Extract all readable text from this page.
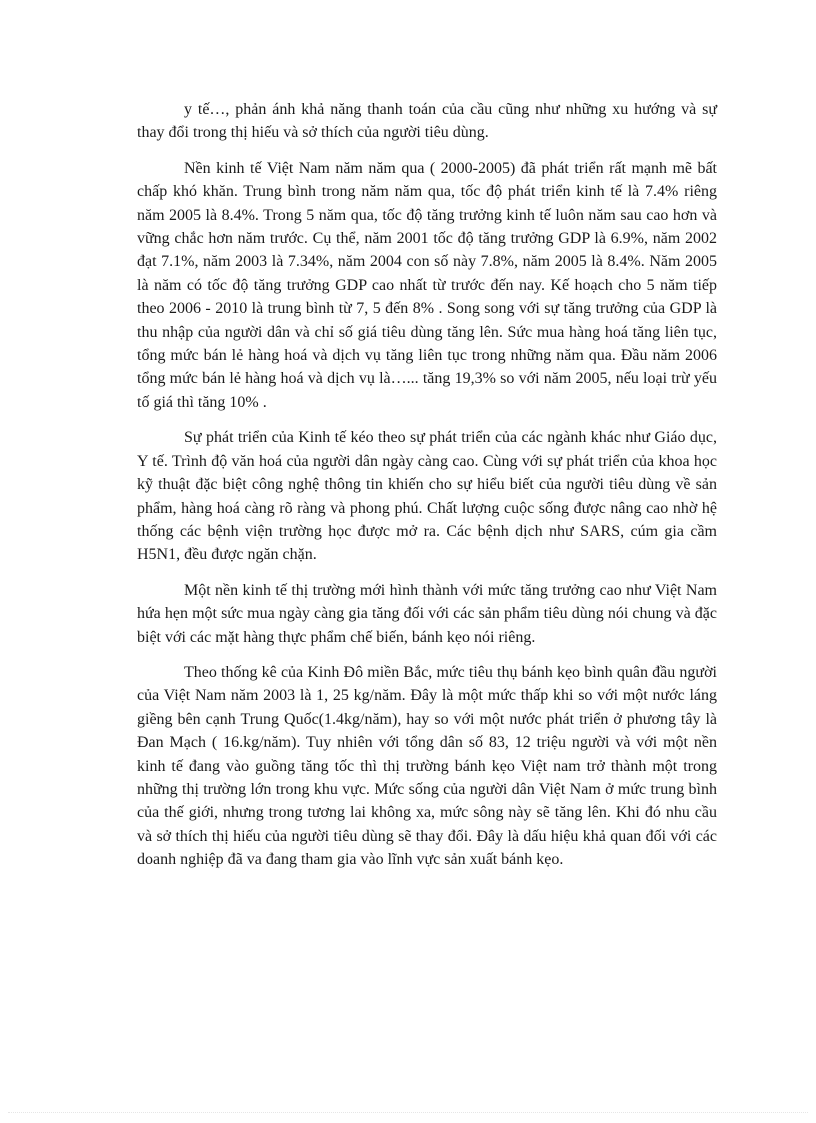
y tế…, phản ánh khả năng thanh toán của cầu cũng như những xu hướng và sự thay đổi trong thị hiếu và sở thích của người tiêu dùng.

Nền kinh tế Việt Nam năm năm qua ( 2000-2005) đã phát triển rất mạnh mẽ bất chấp khó khăn. Trung bình trong năm năm qua, tốc độ phát triển kinh tế là 7.4% riêng năm 2005 là 8.4%. Trong 5 năm qua, tốc độ tăng trưởng kinh tế luôn năm sau cao hơn và vững chắc hơn năm trước. Cụ thể, năm 2001 tốc độ tăng trưởng GDP là 6.9%, năm 2002 đạt 7.1%, năm 2003 là 7.34%, năm 2004 con số này 7.8%, năm 2005 là 8.4%. Năm 2005 là năm có tốc độ tăng trưởng GDP cao nhất từ trước đến nay. Kế hoạch cho 5 năm tiếp theo 2006 - 2010 là trung bình từ 7, 5 đến 8% . Song song với sự tăng trưởng của GDP là thu nhập của người dân và chỉ số giá tiêu dùng tăng lên. Sức mua hàng hoá tăng liên tục, tổng mức bán lẻ hàng hoá và dịch vụ tăng liên tục trong những năm qua. Đầu năm 2006 tổng mức bán lẻ hàng hoá và dịch vụ là…... tăng 19,3% so với năm 2005, nếu loại trừ yếu tố giá thì tăng 10% .

Sự phát triển của Kinh tế kéo theo sự phát triển của các ngành khác như Giáo dục, Y tế. Trình độ văn hoá của người dân ngày càng cao. Cùng với sự phát triển của khoa học kỹ thuật đặc biệt công nghệ thông tin khiến cho sự hiểu biết của người tiêu dùng về sản phẩm, hàng hoá càng rõ ràng và phong phú. Chất lượng cuộc sống được nâng cao nhờ hệ thống các bệnh viện trường học được mở ra. Các bệnh dịch như SARS, cúm gia cầm H5N1, đều được ngăn chặn.

Một nền kinh tế thị trường mới hình thành với mức tăng trưởng cao như Việt Nam hứa hẹn một sức mua ngày càng gia tăng đối với các sản phẩm tiêu dùng nói chung và đặc biệt với các mặt hàng thực phẩm chế biến, bánh kẹo nói riêng.

Theo thống kê của Kinh Đô miền Bắc, mức tiêu thụ bánh kẹo bình quân đầu người của Việt Nam năm 2003 là 1, 25 kg/năm. Đây là một mức thấp khi so với một nước láng giềng bên cạnh Trung Quốc(1.4kg/năm), hay so với một nước phát triển ở phương tây là Đan Mạch ( 16.kg/năm). Tuy nhiên với tổng dân số 83, 12 triệu người và với một nền kinh tế đang vào guồng tăng tốc thì thị trường bánh kẹo Việt nam trở thành một trong những thị trường lớn trong khu vực. Mức sống của người dân Việt Nam ở mức trung bình của thế giới, nhưng trong tương lai không xa, mức sông này sẽ tăng lên. Khi đó nhu cầu và sở thích thị hiếu của người tiêu dùng sẽ thay đổi. Đây là dấu hiệu khả quan đối với các doanh nghiệp đã va đang tham gia vào lĩnh vực sản xuất bánh kẹo.
